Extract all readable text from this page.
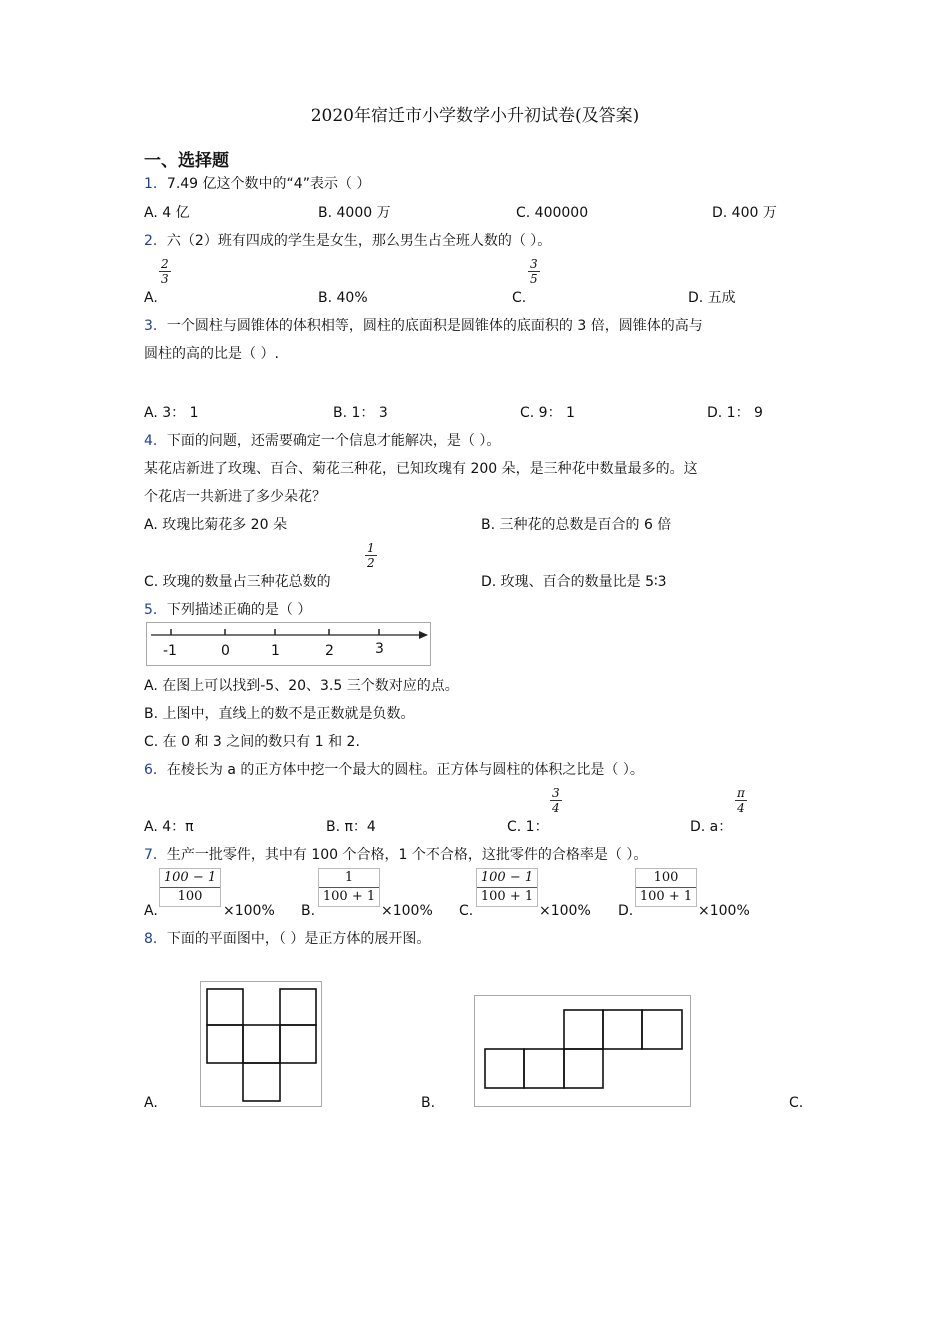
2020年宿迁市小学数学小升初试卷(及答案)
一、选择题
1．7.49 亿这个数中的“4”表示（ ）
A. 4 亿	B. 4000 万	C. 400000	D. 400 万
2．六（2）班有四成的学生是女生，那么男生占全班人数的（ ）。
A.
2
3
B. 40%	C.
3
5
D. 五成
3．一个圆柱与圆锥体的体积相等，圆柱的底面积是圆锥体的底面积的 3 倍，圆锥体的高与
圆柱的高的比是（ ）.
A. 3： 1	B. 1： 3	C. 9： 1	D. 1： 9
4．下面的问题，还需要确定一个信息才能解决，是（ ）。
某花店新进了玫瑰、百合、菊花三种花，已知玫瑰有 200 朵，是三种花中数量最多的。这
个花店一共新进了多少朵花？
A. 玫瑰比菊花多 20 朵	B. 三种花的总数是百合的 6 倍
C. 玫瑰的数量占三种花总数的
1
2
D. 玫瑰、百合的数量比是 5∶3
5．下列描述正确的是（ ）
-1	0	1	2	3
A. 在图上可以找到-5、20、3.5 三个数对应的点。
B. 上图中，直线上的数不是正数就是负数。
C. 在 0 和 3 之间的数只有 1 和 2.
6．在棱长为 a 的正方体中挖一个最大的圆柱。正方体与圆柱的体积之比是（ ）。
A. 4：π	B. π：4	C. 1：
3
4
D. a：
π
4
7．生产一批零件，其中有 100 个合格，1 个不合格，这批零件的合格率是（ ）。
A.
100 − 1
100
×100% B.
1
100 + 1
×100% C.
100 − 1
100 + 1
×100% D.
100
100 + 1
×100%
8．下面的平面图中，（ ）是正方体的展开图。
A.	B.	C.
